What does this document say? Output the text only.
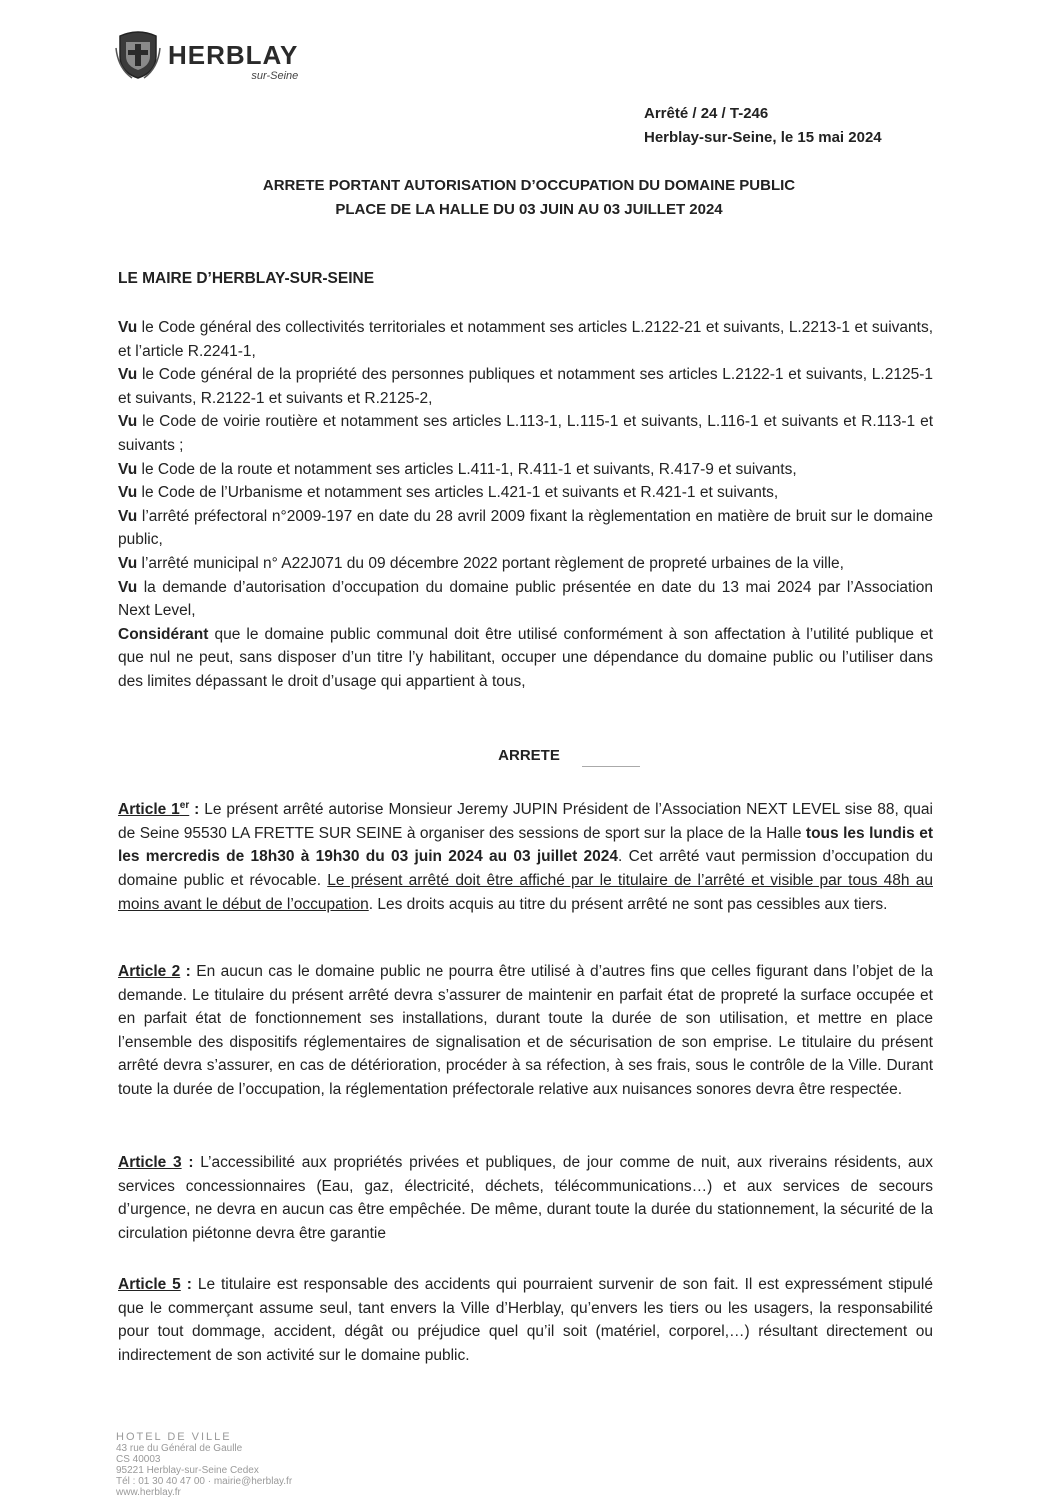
HERBLAY
sur-Seine
Arrêté / 24 / T-246
Herblay-sur-Seine, le 15 mai 2024
ARRETE PORTANT AUTORISATION D’OCCUPATION DU DOMAINE PUBLIC
PLACE DE LA HALLE DU 03 JUIN AU 03 JUILLET 2024
LE MAIRE D’HERBLAY-SUR-SEINE

Vu le Code général des collectivités territoriales et notamment ses articles L.2122-21 et suivants, L.2213-1 et suivants, et l’article R.2241-1,

Vu le Code général de la propriété des personnes publiques et notamment ses articles L.2122-1 et suivants, L.2125-1 et suivants, R.2122-1 et suivants et R.2125-2,

Vu le Code de voirie routière et notamment ses articles L.113-1, L.115-1 et suivants, L.116-1 et suivants et R.113-1 et suivants ;

Vu le Code de la route et notamment ses articles L.411-1, R.411-1 et suivants, R.417-9 et suivants,

Vu le Code de l’Urbanisme et notamment ses articles L.421-1 et suivants et R.421-1 et suivants,

Vu l’arrêté préfectoral n°2009-197 en date du 28 avril 2009 fixant la règlementation en matière de bruit sur le domaine public,

Vu l’arrêté municipal n° A22J071 du 09 décembre 2022 portant règlement de propreté urbaines de la ville,

Vu la demande d’autorisation d’occupation du domaine public présentée en date du 13 mai 2024 par l’Association Next Level,

Considérant que le domaine public communal doit être utilisé conformément à son affectation à l’utilité publique et que nul ne peut, sans disposer d’un titre l’y habilitant, occuper une dépendance du domaine public ou l’utiliser dans des limites dépassant le droit d’usage qui appartient à tous,

ARRETE
Article 1er : Le présent arrêté autorise Monsieur Jeremy JUPIN Président de l’Association NEXT LEVEL sise 88, quai de Seine 95530 LA FRETTE SUR SEINE à organiser des sessions de sport sur la place de la Halle tous les lundis et les mercredis de 18h30 à 19h30 du 03 juin 2024 au 03 juillet 2024. Cet arrêté vaut permission d’occupation du domaine public et révocable. Le présent arrêté doit être affiché par le titulaire de l’arrêté et visible par tous 48h au moins avant le début de l’occupation. Les droits acquis au titre du présent arrêté ne sont pas cessibles aux tiers.
Article 2 : En aucun cas le domaine public ne pourra être utilisé à d’autres fins que celles figurant dans l’objet de la demande. Le titulaire du présent arrêté devra s’assurer de maintenir en parfait état de propreté la surface occupée et en parfait état de fonctionnement ses installations, durant toute la durée de son utilisation, et mettre en place l’ensemble des dispositifs réglementaires de signalisation et de sécurisation de son emprise. Le titulaire du présent arrêté devra s’assurer, en cas de détérioration, procéder à sa réfection, à ses frais, sous le contrôle de la Ville. Durant toute la durée de l’occupation, la réglementation préfectorale relative aux nuisances sonores devra être respectée.
Article 3 : L’accessibilité aux propriétés privées et publiques, de jour comme de nuit, aux riverains résidents, aux services concessionnaires (Eau, gaz, électricité, déchets, télécommunications…) et aux services de secours d’urgence, ne devra en aucun cas être empêchée. De même, durant toute la durée du stationnement, la sécurité de la circulation piétonne devra être garantie
Article 5 : Le titulaire est responsable des accidents qui pourraient survenir de son fait. Il est expressément stipulé que le commerçant assume seul, tant envers la Ville d’Herblay, qu’envers les tiers ou les usagers, la responsabilité pour tout dommage, accident, dégât ou préjudice quel qu’il soit (matériel, corporel,…) résultant directement ou indirectement de son activité sur le domaine public.
HOTEL DE VILLE
43 rue du Général de Gaulle
CS 40003
95221 Herblay-sur-Seine Cedex
Tél : 01 30 40 47 00 · mairie@herblay.fr
www.herblay.fr
